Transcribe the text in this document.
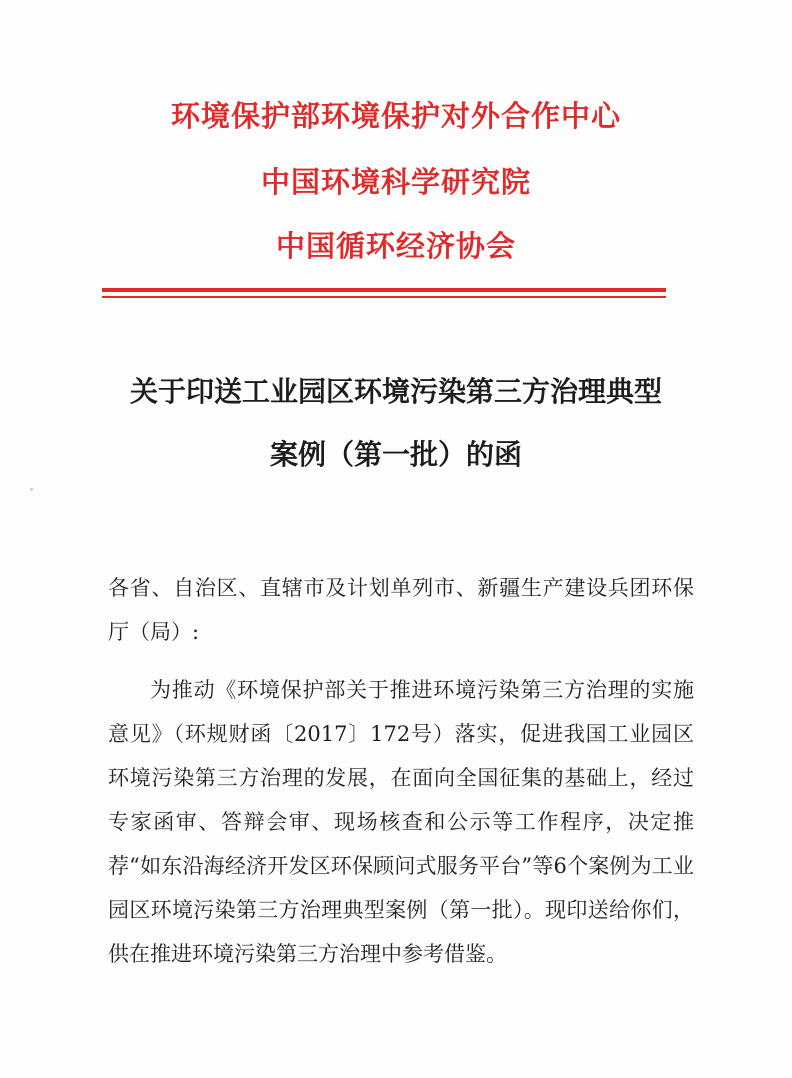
环境保护部环境保护对外合作中心
中国环境科学研究院
中国循环经济协会
关于印送工业园区环境污染第三方治理典型
案例（第一批）的函
各省、自治区、直辖市及计划单列市、新疆生产建设兵团环保厅（局）:
为推动《环境保护部关于推进环境污染第三方治理的实施意见》（环规财函〔2017〕172号）落实，促进我国工业园区环境污染第三方治理的发展，在面向全国征集的基础上，经过专家函审、答辩会审、现场核查和公示等工作程序，决定推荐“如东沿海经济开发区环保顾问式服务平台”等6个案例为工业园区环境污染第三方治理典型案例（第一批）。现印送给你们，供在推进环境污染第三方治理中参考借鉴。
